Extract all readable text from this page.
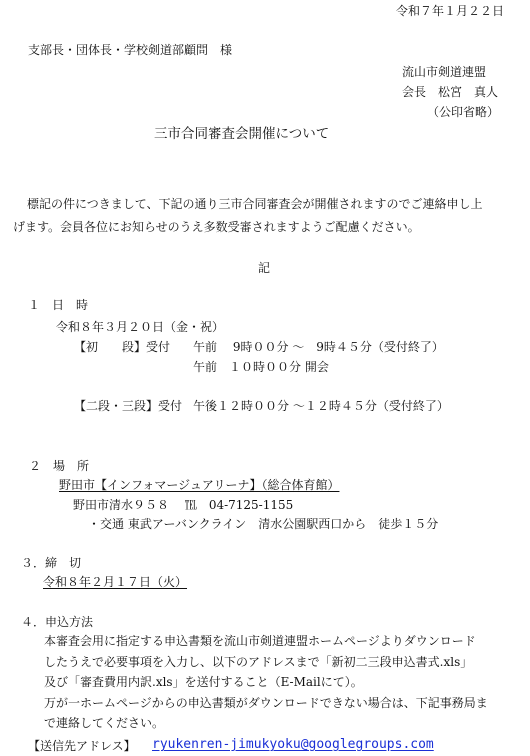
令和７年１月２２日
支部長・団体長・学校剣道部顧問　様
流山市剣道連盟
会長　松宮　真人
（公印省略）
三市合同審査会開催について
標記の件につきまして、下記の通り三市合同審査会が開催されますのでご連絡申し上
げます。会員各位にお知らせのうえ多数受審されますようご配慮ください。
記
１　日　時
令和８年３月２０日（金・祝）
【初　　段】受付 午前　 9時００分 ～　9時４５分（受付終了）
午前　１０時００分 開会
【二段・三段】受付 午後１２時００分 ～１２時４５分（受付終了）
２　場　所
野田市【インフォマージュアリーナ】（総合体育館）
野田市清水９５８　 ℡　04-7125-1155
・交通 東武アーバンクライン　清水公園駅西口から　徒歩１５分
３．締　切
令和８年２月１７日（火）
４．申込方法
本審査会用に指定する申込書類を流山市剣道連盟ホームページよりダウンロード
したうえで必要事項を入力し、以下のアドレスまで「新初二三段申込書式.xls」
及び「審査費用内訳.xls」を送付すること（E-Mailにて）。
万が一ホームページからの申込書類がダウンロードできない場合は、下記事務局ま
で連絡してください。
【送信先アドレス】 ryukenren-jimukyoku@googlegroups.com
